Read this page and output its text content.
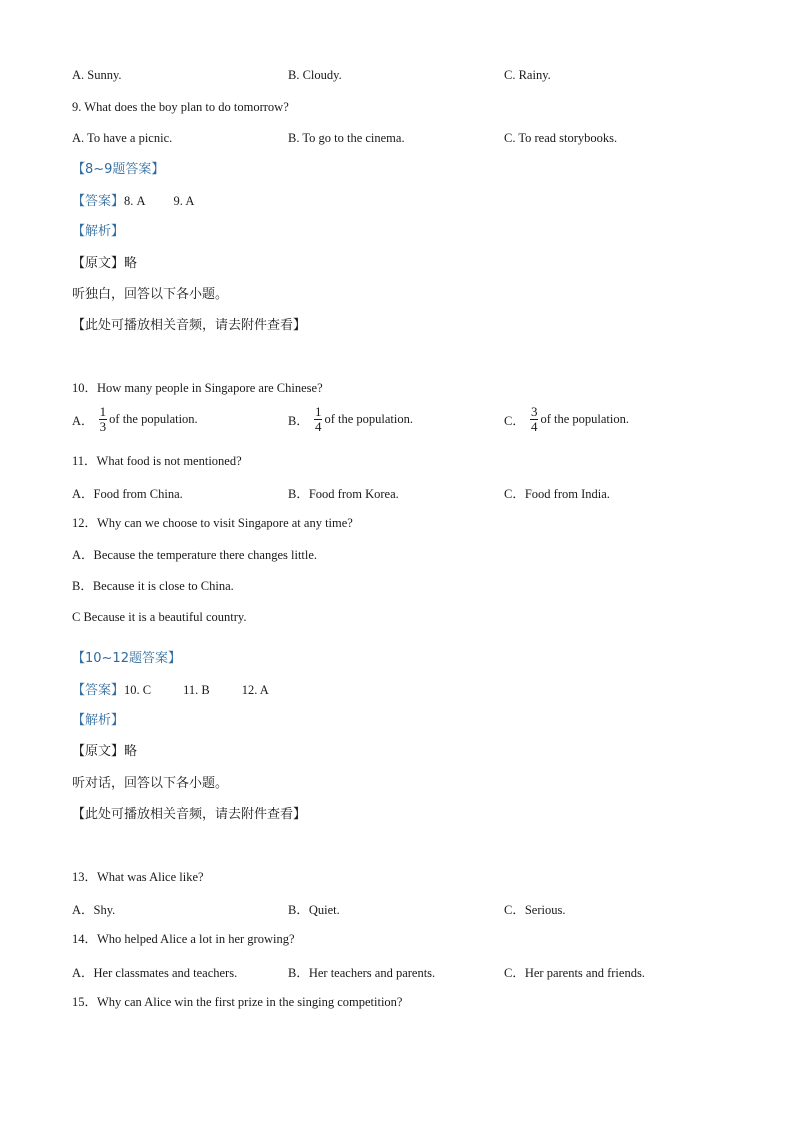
A. Sunny.	B. Cloudy.	C. Rainy.
9. What does the boy plan to do tomorrow?
A. To have a picnic.	B. To go to the cinema.	C. To read storybooks.
【8~9题答案】
【答案】8. A 9. A
【解析】
【原文】略
听独白，回答以下各小题。
【此处可播放相关音频，请去附件查看】
10．How many people in Singapore are Chinese?
A． $\frac{1}{3}$ of the population.	B． $\frac{1}{4}$ of the population.	C． $\frac{3}{4}$ of the population.
11．What food is not mentioned?
A．Food from China.	B．Food from Korea.	C．Food from India.
12．Why can we choose to visit Singapore at any time?
A．Because the temperature there changes little.
B．Because it is close to China.
C Because it is a beautiful country.
【10~12题答案】
【答案】10. C	11. B	12. A
【解析】
【原文】略
听对话，回答以下各小题。
【此处可播放相关音频，请去附件查看】
13．What was Alice like?
A．Shy.	B．Quiet.	C．Serious.
14．Who helped Alice a lot in her growing?
A．Her classmates and teachers.	B．Her teachers and parents.	C．Her parents and friends.
15．Why can Alice win the first prize in the singing competition?
